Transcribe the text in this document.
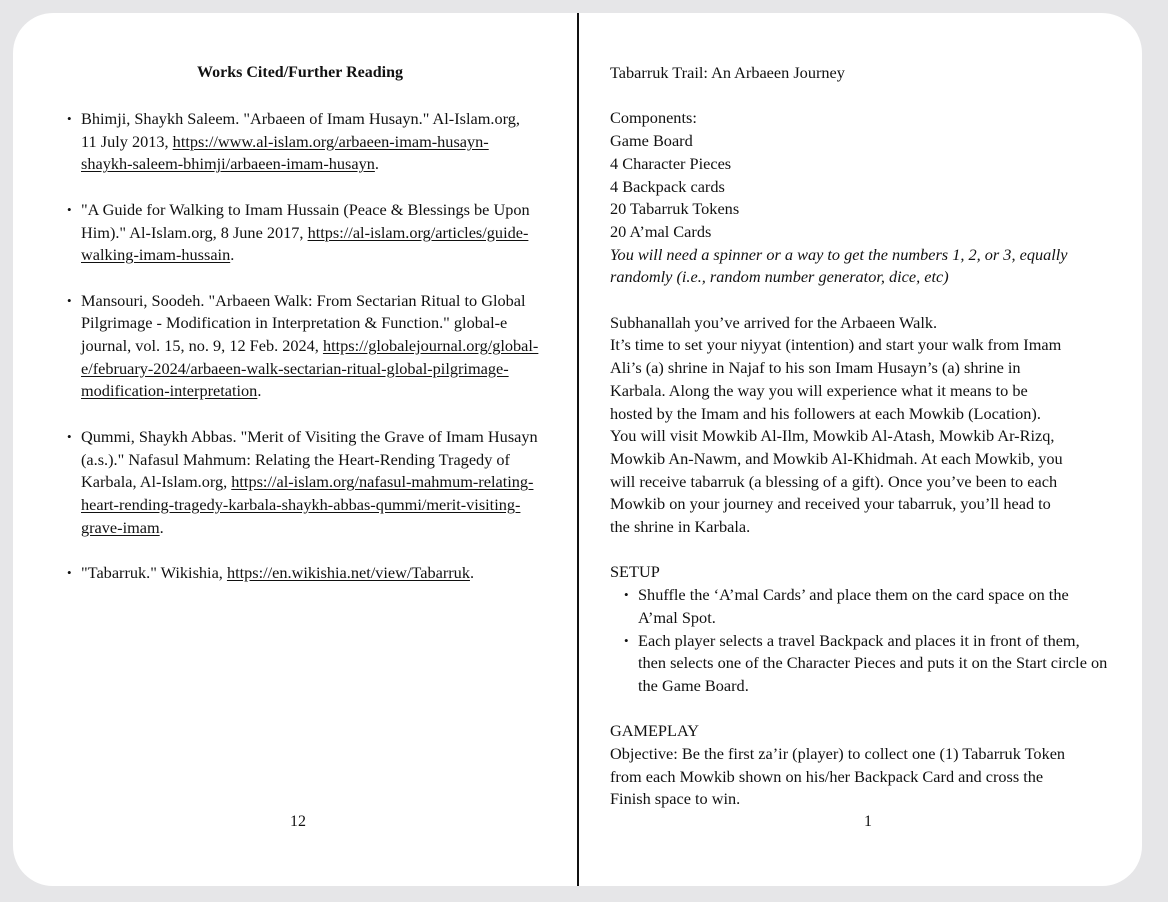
Works Cited/Further Reading
• Bhimji, Shaykh Saleem. "Arbaeen of Imam Husayn." Al-Islam.org, 11 July 2013, https://www.al-islam.org/arbaeen-imam-husayn-shaykh-saleem-bhimji/arbaeen-imam-husayn.
• "A Guide for Walking to Imam Hussain (Peace & Blessings be Upon Him)." Al-Islam.org, 8 June 2017, https://al-islam.org/articles/guide-walking-imam-hussain.
• Mansouri, Soodeh. "Arbaeen Walk: From Sectarian Ritual to Global Pilgrimage - Modification in Interpretation & Function." global-e journal, vol. 15, no. 9, 12 Feb. 2024, https://globalejournal.org/global-e/february-2024/arbaeen-walk-sectarian-ritual-global-pilgrimage-modification-interpretation.
• Qummi, Shaykh Abbas. "Merit of Visiting the Grave of Imam Husayn (a.s.)." Nafasul Mahmum: Relating the Heart-Rending Tragedy of Karbala, Al-Islam.org, https://al-islam.org/nafasul-mahmum-relating-heart-rending-tragedy-karbala-shaykh-abbas-qummi/merit-visiting-grave-imam.
• "Tabarruk." Wikishia, https://en.wikishia.net/view/Tabarruk.
12
Tabarruk Trail: An Arbaeen Journey
Components:
Game Board
4 Character Pieces
4 Backpack cards
20 Tabarruk Tokens
20 A’mal Cards
You will need a spinner or a way to get the numbers 1, 2, or 3, equally
randomly (i.e., random number generator, dice, etc)
Subhanallah you’ve arrived for the Arbaeen Walk.
It’s time to set your niyyat (intention) and start your walk from Imam
Ali’s (a) shrine in Najaf to his son Imam Husayn’s (a) shrine in
Karbala. Along the way you will experience what it means to be
hosted by the Imam and his followers at each Mowkib (Location).
You will visit Mowkib Al-Ilm, Mowkib Al-Atash, Mowkib Ar-Rizq,
Mowkib An-Nawm, and Mowkib Al-Khidmah. At each Mowkib, you
will receive tabarruk (a blessing of a gift). Once you’ve been to each
Mowkib on your journey and received your tabarruk, you’ll head to
the shrine in Karbala.
SETUP
• Shuffle the ‘A’mal Cards’ and place them on the card space on the A’mal Spot.
• Each player selects a travel Backpack and places it in front of them, then selects one of the Character Pieces and puts it on the Start circle on the Game Board.
GAMEPLAY
Objective: Be the first za’ir (player) to collect one (1) Tabarruk Token
from each Mowkib shown on his/her Backpack Card and cross the
Finish space to win.
1
